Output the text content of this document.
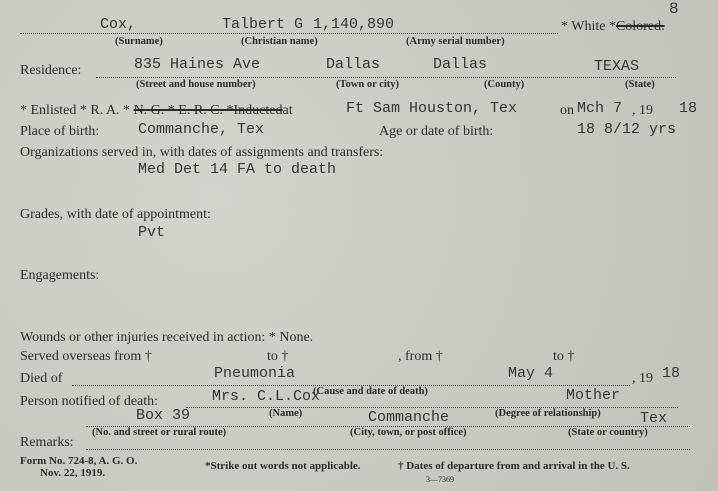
8
Cox,	Talbert G 1,140,890
(Surname)	(Christian name)	(Army serial number)
* White *Colored.
Residence:	835 Haines Ave	Dallas	Dallas	TEXAS
(Street and house number)	(Town or city)	(County)	(State)
* Enlisted * R. A. * N. G. * E. R. C. *Inductedat	Ft Sam Houston, Tex	on Mch 7 , 19 18
Place of birth:	Commanche, Tex	Age or date of birth:	18 8/12 yrs
Organizations served in, with dates of assignments and transfers:
Med Det 14 FA to death
Grades, with date of appointment:
Pvt
Engagements:
Wounds or other injuries received in action: * None.
Served overseas from †	to †	, from †	to †
Died of	Pneumonia	May 4	, 19 18
(Cause and date of death)
Person notified of death:	Mrs. C.L.Cox	Mother
(Name)	(Degree of relationship)
Box 39	Commanche	Tex
(No. and street or rural route)	(City, town, or post office)	(State or country)
Remarks:
Form No. 724-8, A. G. O.
Nov. 22, 1919.
*Strike out words not applicable.	† Dates of departure from and arrival in the U. S.
3—7369
